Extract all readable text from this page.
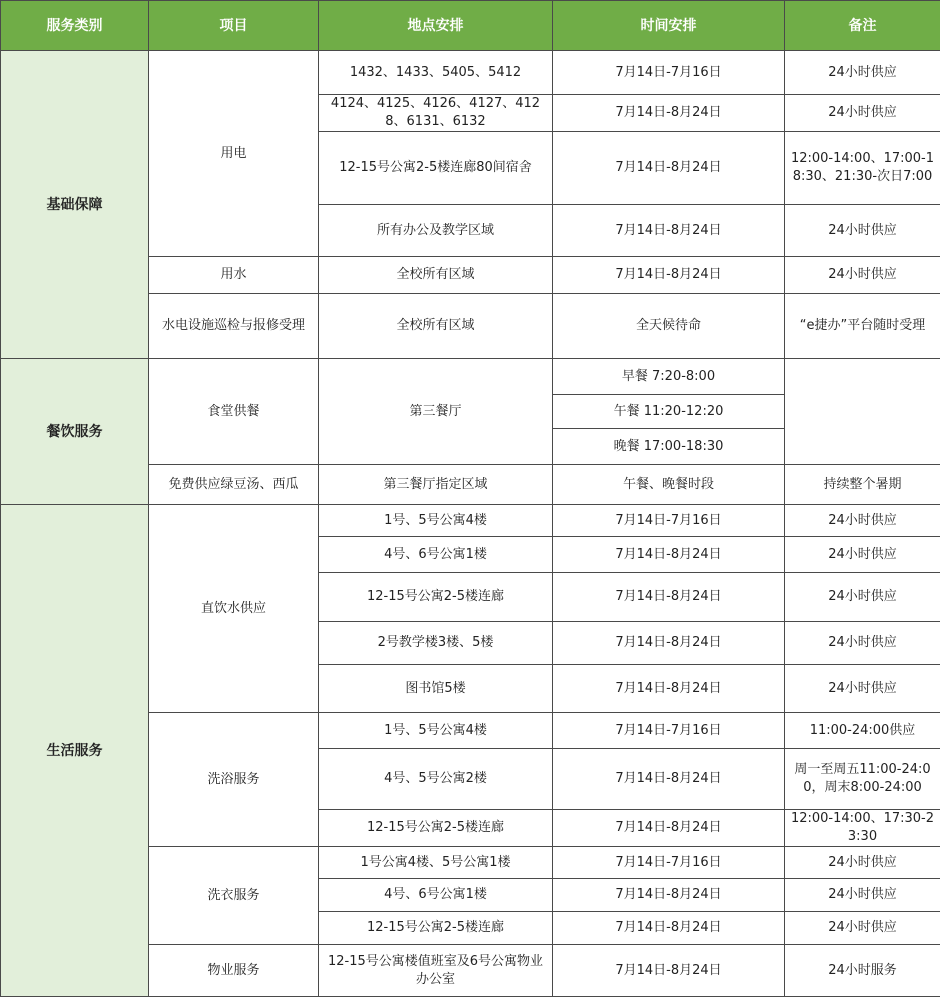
服务类别	项目	地点安排	时间安排	备注
基础保障	用电	1432、1433、5405、5412	7月14日-7月16日	24小时供应
		4124、4125、4126、4127、4128、6131、6132	7月14日-8月24日	24小时供应
		12-15号公寓2-5楼连廊80间宿舍	7月14日-8月24日	12:00-14:00、17:00-18:30、21:30-次日7:00
		所有办公及教学区域	7月14日-8月24日	24小时供应
	用水	全校所有区域	7月14日-8月24日	24小时供应
	水电设施巡检与报修受理	全校所有区域	全天候待命	“e捷办”平台随时受理
餐饮服务	食堂供餐	第三餐厅	早餐 7:20-8:00	
			午餐 11:20-12:20	
			晚餐 17:00-18:30	
	免费供应绿豆汤、西瓜	第三餐厅指定区域	午餐、晚餐时段	持续整个暑期
生活服务	直饮水供应	1号、5号公寓4楼	7月14日-7月16日	24小时供应
		4号、6号公寓1楼	7月14日-8月24日	24小时供应
		12-15号公寓2-5楼连廊	7月14日-8月24日	24小时供应
		2号教学楼3楼、5楼	7月14日-8月24日	24小时供应
		图书馆5楼	7月14日-8月24日	24小时供应
	洗浴服务	1号、5号公寓4楼	7月14日-7月16日	11:00-24:00供应
		4号、5号公寓2楼	7月14日-8月24日	周一至周五11:00-24:00，周末8:00-24:00
		12-15号公寓2-5楼连廊	7月14日-8月24日	12:00-14:00、17:30-23:30
	洗衣服务	1号公寓4楼、5号公寓1楼	7月14日-7月16日	24小时供应
		4号、6号公寓1楼	7月14日-8月24日	24小时供应
		12-15号公寓2-5楼连廊	7月14日-8月24日	24小时供应
	物业服务	12-15号公寓楼值班室及6号公寓物业办公室	7月14日-8月24日	24小时服务
